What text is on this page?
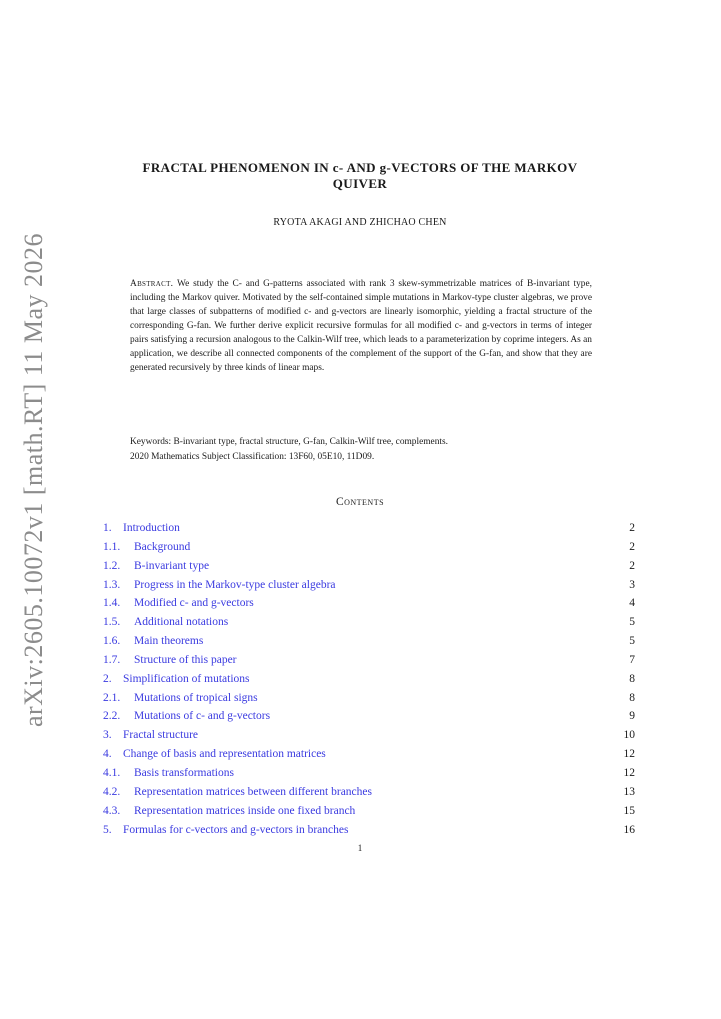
arXiv:2605.10072v1 [math.RT] 11 May 2026
FRACTAL PHENOMENON IN c- AND g-VECTORS OF THE MARKOV
QUIVER
RYOTA AKAGI AND ZHICHAO CHEN
Abstract. We study the C- and G-patterns associated with rank 3 skew-symmetrizable matrices of B-invariant type, including the Markov quiver. Motivated by the self-contained simple mutations in Markov-type cluster algebras, we prove that large classes of subpatterns of modified c- and g-vectors are linearly isomorphic, yielding a fractal structure of the corresponding G-fan. We further derive explicit recursive formulas for all modified c- and g-vectors in terms of integer pairs satisfying a recursion analogous to the Calkin-Wilf tree, which leads to a parameterization by coprime integers. As an application, we describe all connected components of the complement of the support of the G-fan, and show that they are generated recursively by three kinds of linear maps.
Keywords: B-invariant type, fractal structure, G-fan, Calkin-Wilf tree, complements.
2020 Mathematics Subject Classification: 13F60, 05E10, 11D09.
Contents
1. Introduction	2
1.1. Background	2
1.2. B-invariant type	2
1.3. Progress in the Markov-type cluster algebra	3
1.4. Modified c- and g-vectors	4
1.5. Additional notations	5
1.6. Main theorems	5
1.7. Structure of this paper	7
2. Simplification of mutations	8
2.1. Mutations of tropical signs	8
2.2. Mutations of c- and g-vectors	9
3. Fractal structure	10
4. Change of basis and representation matrices	12
4.1. Basis transformations	12
4.2. Representation matrices between different branches	13
4.3. Representation matrices inside one fixed branch	15
5. Formulas for c-vectors and g-vectors in branches	16
1
